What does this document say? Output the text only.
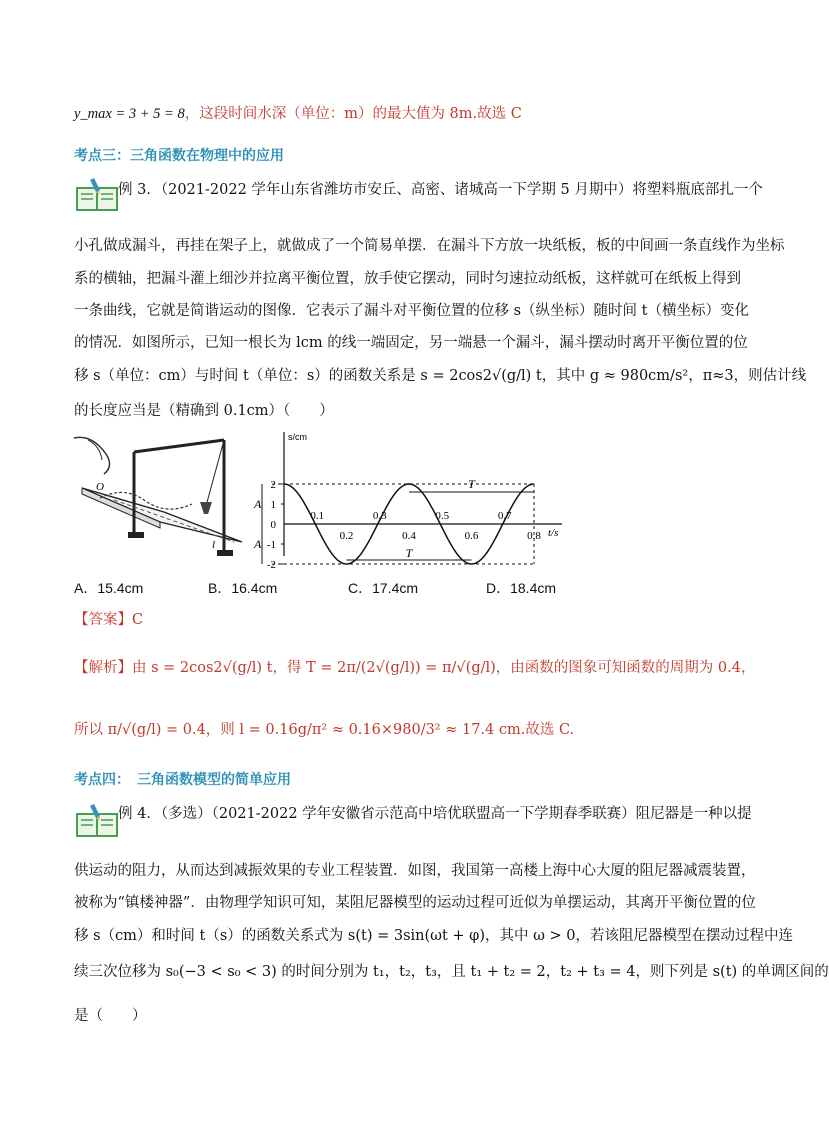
y_max = 3 + 5 = 8，这段时间水深（单位：m）的最大值为 8m.故选 C
考点三：三角函数在物理中的应用
例 3．（2021-2022 学年山东省潍坊市安丘、高密、诸城高一下学期 5 月期中）将塑料瓶底部扎一个
小孔做成漏斗，再挂在架子上，就做成了一个简易单摆．在漏斗下方放一块纸板，板的中间画一条直线作为坐标
系的横轴，把漏斗灌上细沙并拉离平衡位置，放手使它摆动，同时匀速拉动纸板，这样就可在纸板上得到
一条曲线，它就是简谐运动的图像．它表示了漏斗对平衡位置的位移 s（纵坐标）随时间 t（横坐标）变化
的情况．如图所示，已知一根长为 lcm 的线一端固定，另一端悬一个漏斗，漏斗摆动时离开平衡位置的位
移 s（单位：cm）与时间 t（单位：s）的函数关系是 s = 2cos2√(g/l) t，其中 g ≈ 980cm/s²，π≈3，则估计线
的长度应当是（精确到 0.1cm）（　　）
O
l
s/cm
t/s
2
1
-1
-2
0
A
A
0.2	0.4	0.6	0.8
0.1	0.3	0.5	0.7
T
T
A．15.4cm	B．16.4cm	C．17.4cm	D．18.4cm
【答案】C
【解析】由 s = 2cos2√(g/l) t，得 T = 2π/(2√(g/l)) = π/√(g/l)，由函数的图象可知函数的周期为 0.4，
所以 π/√(g/l) = 0.4，则 l = 0.16g/π² ≈ 0.16×980/3² ≈ 17.4 cm.故选 C.
考点四：　三角函数模型的简单应用
例 4．（多选）（2021-2022 学年安徽省示范高中培优联盟高一下学期春季联赛）阻尼器是一种以提
供运动的阻力，从而达到减振效果的专业工程装置．如图，我国第一高楼上海中心大厦的阻尼器减震装置，
被称为“镇楼神器”．由物理学知识可知，某阻尼器模型的运动过程可近似为单摆运动，其离开平衡位置的位
移 s（cm）和时间 t（s）的函数关系式为 s(t) = 3sin(ωt + φ)，其中 ω > 0，若该阻尼器模型在摆动过程中连
续三次位移为 s₀(−3 < s₀ < 3) 的时间分别为 t₁，t₂，t₃，且 t₁ + t₂ = 2，t₂ + t₃ = 4，则下列是 s(t) 的单调区间的
是（　　）
